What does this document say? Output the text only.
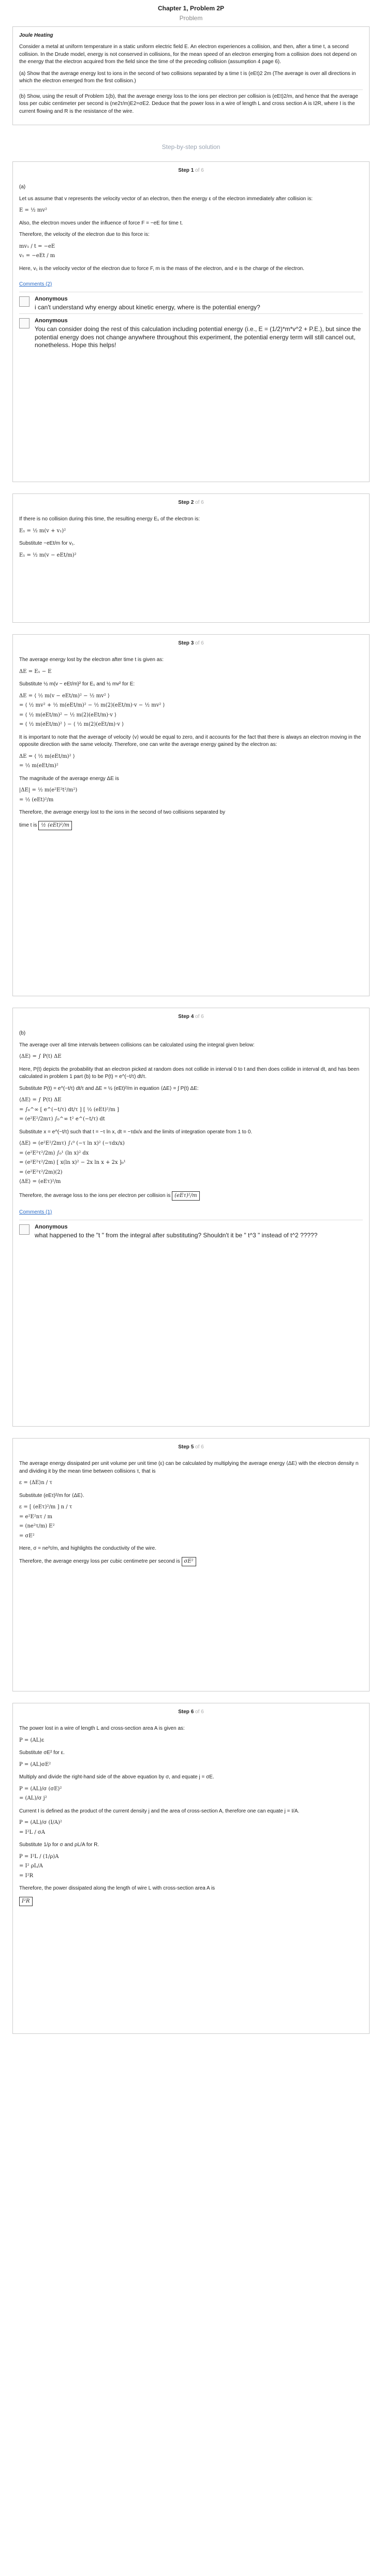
Chapter 1, Problem 2P
Problem

Joule Heating

Consider a metal at uniform temperature in a static uniform electric field E. An electron experiences a collision, and then, after a time t, a second collision. In the Drude model, energy is not conserved in collisions, for the mean speed of an electron emerging from a collision does not depend on the energy that the electron acquired from the field since the time of the preceding collision (assumption 4 page 6).

(a) Show that the average energy lost to ions in the second of two collisions separated by a time t is (eEt)2 2m (The average is over all directions in which the electron emerged from the first collision.)

(b) Show, using the result of Problem 1(b), that the average energy loss to the ions per electron per collision is (eEt)2/m, and hence that the average loss per cubic centimeter per second is (ne2τ/m)E2=σE2. Deduce that the power loss in a wire of length L and cross section A is I2R, where I is the current flowing and R is the resistance of the wire.

Step-by-step solution
Step 1 of 6

(a)

Let us assume that v represents the velocity vector of an electron, then the energy ε of the electron immediately after collision is:

E = ½ mv²

Also, the electron moves under the influence of force F = −eE for time t.

Therefore, the velocity of the electron due to this force is:

mv₁ / t = −eE
v₁ = −eEt / m

Here, v₁ is the velocity vector of the electron due to force F, m is the mass of the electron, and e is the charge of the electron.

Comments (2)
Anonymous
i can't understand why energy about kinetic energy, where is the potential energy?
Anonymous
You can consider doing the rest of this calculation including potential energy (i.e., E = (1/2)*m*v^2 + P.E.), but since the potential energy does not change anywhere throughout this experiment, the potential energy term will still cancel out, nonetheless. Hope this helps!
Step 2 of 6

If there is no collision during this time, the resulting energy E₁ of the electron is:

E₁ = ½ m(v + v₁)²

Substitute −eEt/m for v₁.

E₁ = ½ m(v − eEt/m)²
Step 3 of 6

The average energy lost by the electron after time t is given as:

ΔE = E₁ − E

Substitute ½ m(v − eEt/m)² for E₁ and ½ mv² for E:

ΔE = ⟨ ½ m(v − eEt/m)² − ½ mv² ⟩
= ⟨ ½ mv² + ½ m(eEt/m)² − ½ m(2)(eEt/m)·v − ½ mv² ⟩
= ⟨ ½ m(eEt/m)² − ½ m(2)(eEt/m)·v ⟩
= ⟨ ½ m(eEt/m)² ⟩ − ⟨ ½ m(2)(eEt/m)·v ⟩

It is important to note that the average of velocity ⟨v⟩ would be equal to zero, and it accounts for the fact that there is always an electron moving in the opposite direction with the same velocity. Therefore, one can write the average energy gained by the electron as:

ΔE = ⟨ ½ m(eEt/m)² ⟩
= ½ m(eEt/m)²

The magnitude of the average energy ΔE is

|ΔE| = ½ m(e²E²t²/m²)
= ½ (eEt)²/m

Therefore, the average energy lost to the ions in the second of two collisions separated by

time t is ½ (eEt)²/m

Step 4 of 6

(b)

The average over all time intervals between collisions can be calculated using the integral given below:

⟨ΔE⟩ = ∫ P(t) ΔE

Here, P(t) depicts the probability that an electron picked at random does not collide in interval 0 to t and then does collide in interval dt, and has been calculated in problem 1 part (b) to be P(t) = e^(−t/τ) dt/τ.

Substitute P(t) = e^(−t/τ) dt/τ and ΔE = ½ (eEt)²/m in equation ⟨ΔE⟩ = ∫ P(t) ΔE:

⟨ΔE⟩ = ∫ P(t) ΔE
= ∫₀^∞ [ e^(−t/τ) dt/τ ] [ ½ (eEt)²/m ]
= (e²E²/2mτ) ∫₀^∞ t² e^(−t/τ) dt

Substitute x = e^(−t/τ) such that t = −τ ln x, dt = −τdx/x and the limits of integration operate from 1 to 0.

⟨ΔE⟩ = (e²E²/2mτ) ∫₁⁰ (−τ ln x)² (−τdx/x)
= (e²E²τ²/2m) ∫₀¹ (ln x)² dx
= (e²E²τ²/2m) [ x(ln x)² − 2x ln x + 2x ]₀¹
= (e²E²τ²/2m)(2)
⟨ΔE⟩ = (eEτ)²/m

Therefore, the average loss to the ions per electron per collision is (eEτ)²/m

Comments (1)
Anonymous
what happened to the "t " from the integral after substituting? Shouldn't it be " t^3 " instead of t^2 ?????
Step 5 of 6

The average energy dissipated per unit volume per unit time (ε) can be calculated by multiplying the average energy ⟨ΔE⟩ with the electron density n and dividing it by the mean time between collisions τ, that is

ε = ⟨ΔE⟩n / τ

Substitute (eEτ)²/m for ⟨ΔE⟩.

ε = [ (eEτ)²/m ] n / τ
= e²E²nτ / m
= (ne²τ/m) E²
= σE²

Here, σ = ne²τ/m, and highlights the conductivity of the wire.

Therefore, the average energy loss per cubic centimetre per second is σE²

Step 6 of 6

The power lost in a wire of length L and cross-section area A is given as:

P = (AL)ε

Substitute σE² for ε.

P = (AL)σE²

Multiply and divide the right-hand side of the above equation by σ, and equate j = σE.

P = (AL)/σ (σE)²
= (AL)/σ j²

Current I is defined as the product of the current density j and the area of cross-section A, therefore one can equate j = I/A.

P = (AL)/σ (I/A)²
= I²L / σA

Substitute 1/ρ for σ and ρL/A for R.

P = I²L / (1/ρ)A
= I² ρL/A
= I²R

Therefore, the power dissipated along the length of wire L with cross-section area A is

I²R
